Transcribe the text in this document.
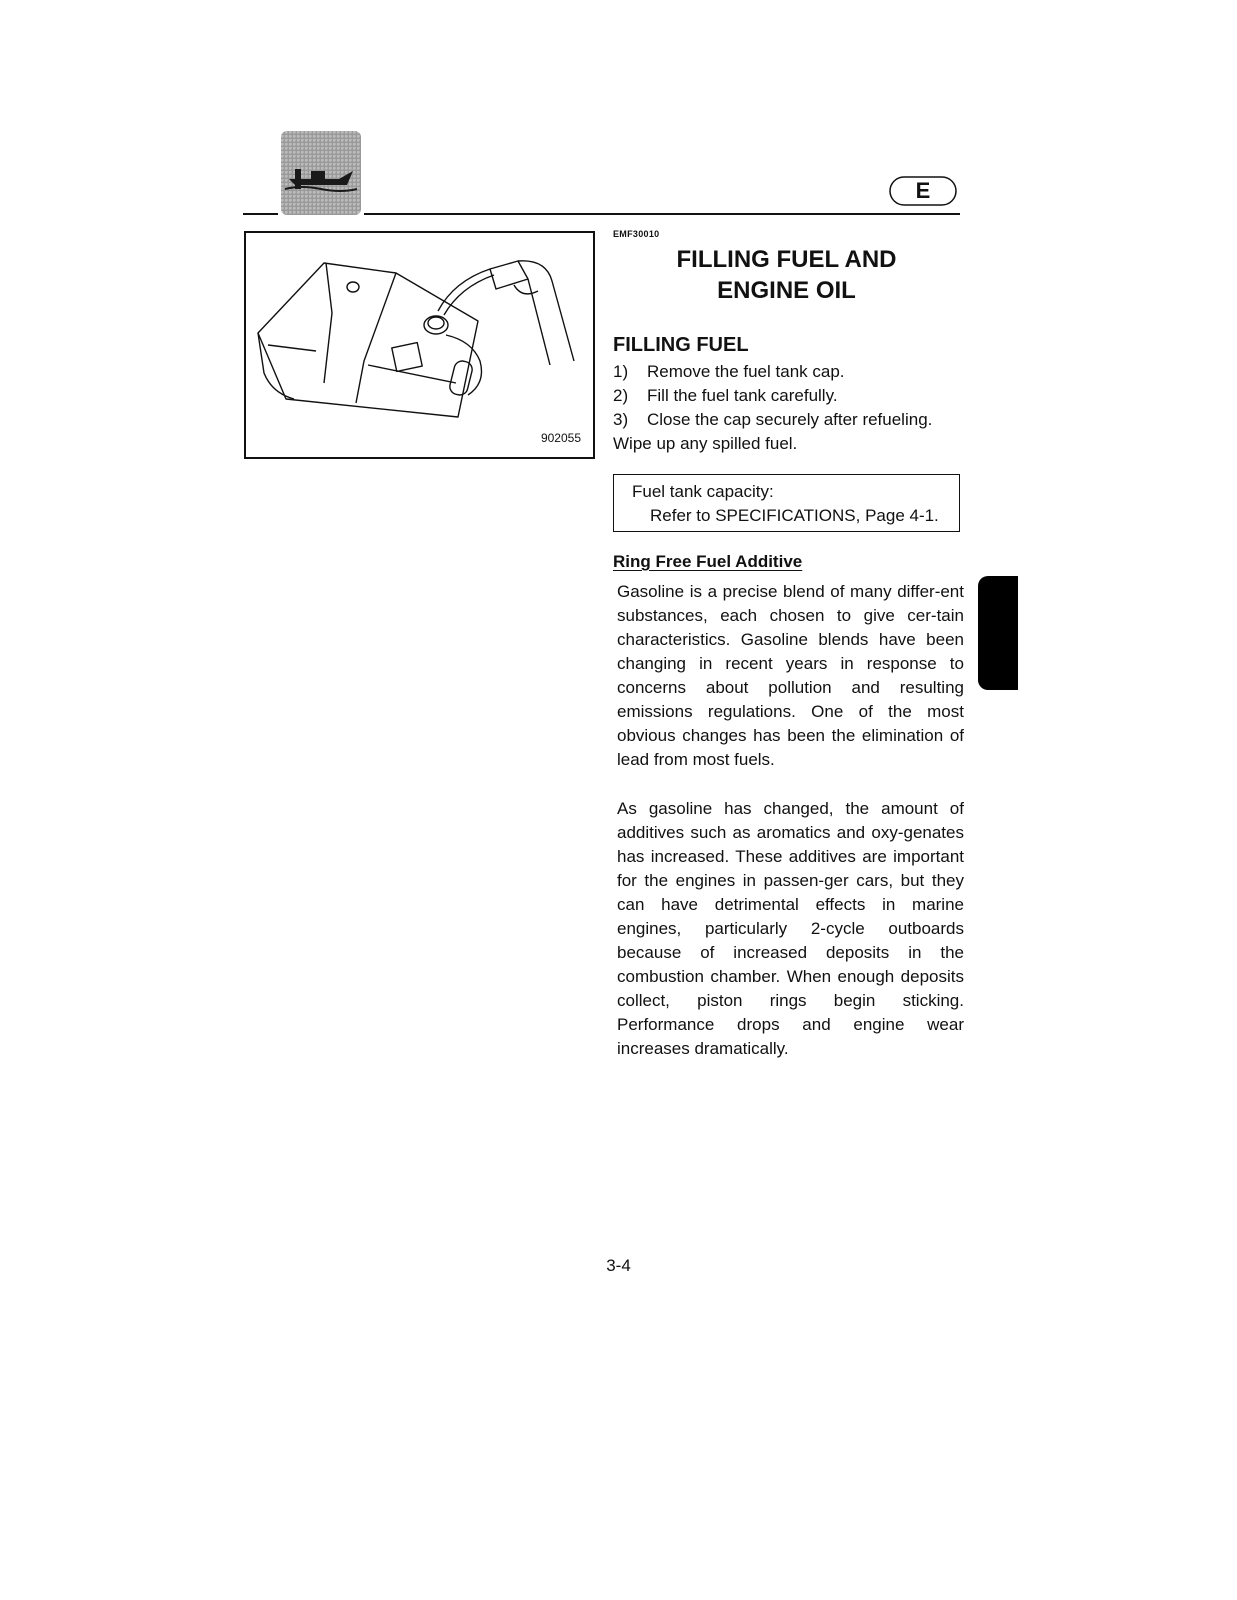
E
902055
EMF30010
FILLING FUEL AND
ENGINE OIL
FILLING FUEL
1)	Remove the fuel tank cap.
2)	Fill the fuel tank carefully.
3)	Close the cap securely after refueling.
Wipe up any spilled fuel.
Fuel tank capacity:
Refer to SPECIFICATIONS, Page 4-1.
Ring Free Fuel Additive

Gasoline is a precise blend of many differ-ent substances, each chosen to give cer-tain characteristics. Gasoline blends have been changing in recent years in response to concerns about pollution and resulting emissions regulations. One of the most obvious changes has been the elimination of lead from most fuels.

As gasoline has changed, the amount of additives such as aromatics and oxy-genates has increased. These additives are important for the engines in passen-ger cars, but they can have detrimental effects in marine engines, particularly 2-cycle outboards because of increased deposits in the combustion chamber. When enough deposits collect, piston rings begin sticking. Performance drops and engine wear increases dramatically.

3-4
